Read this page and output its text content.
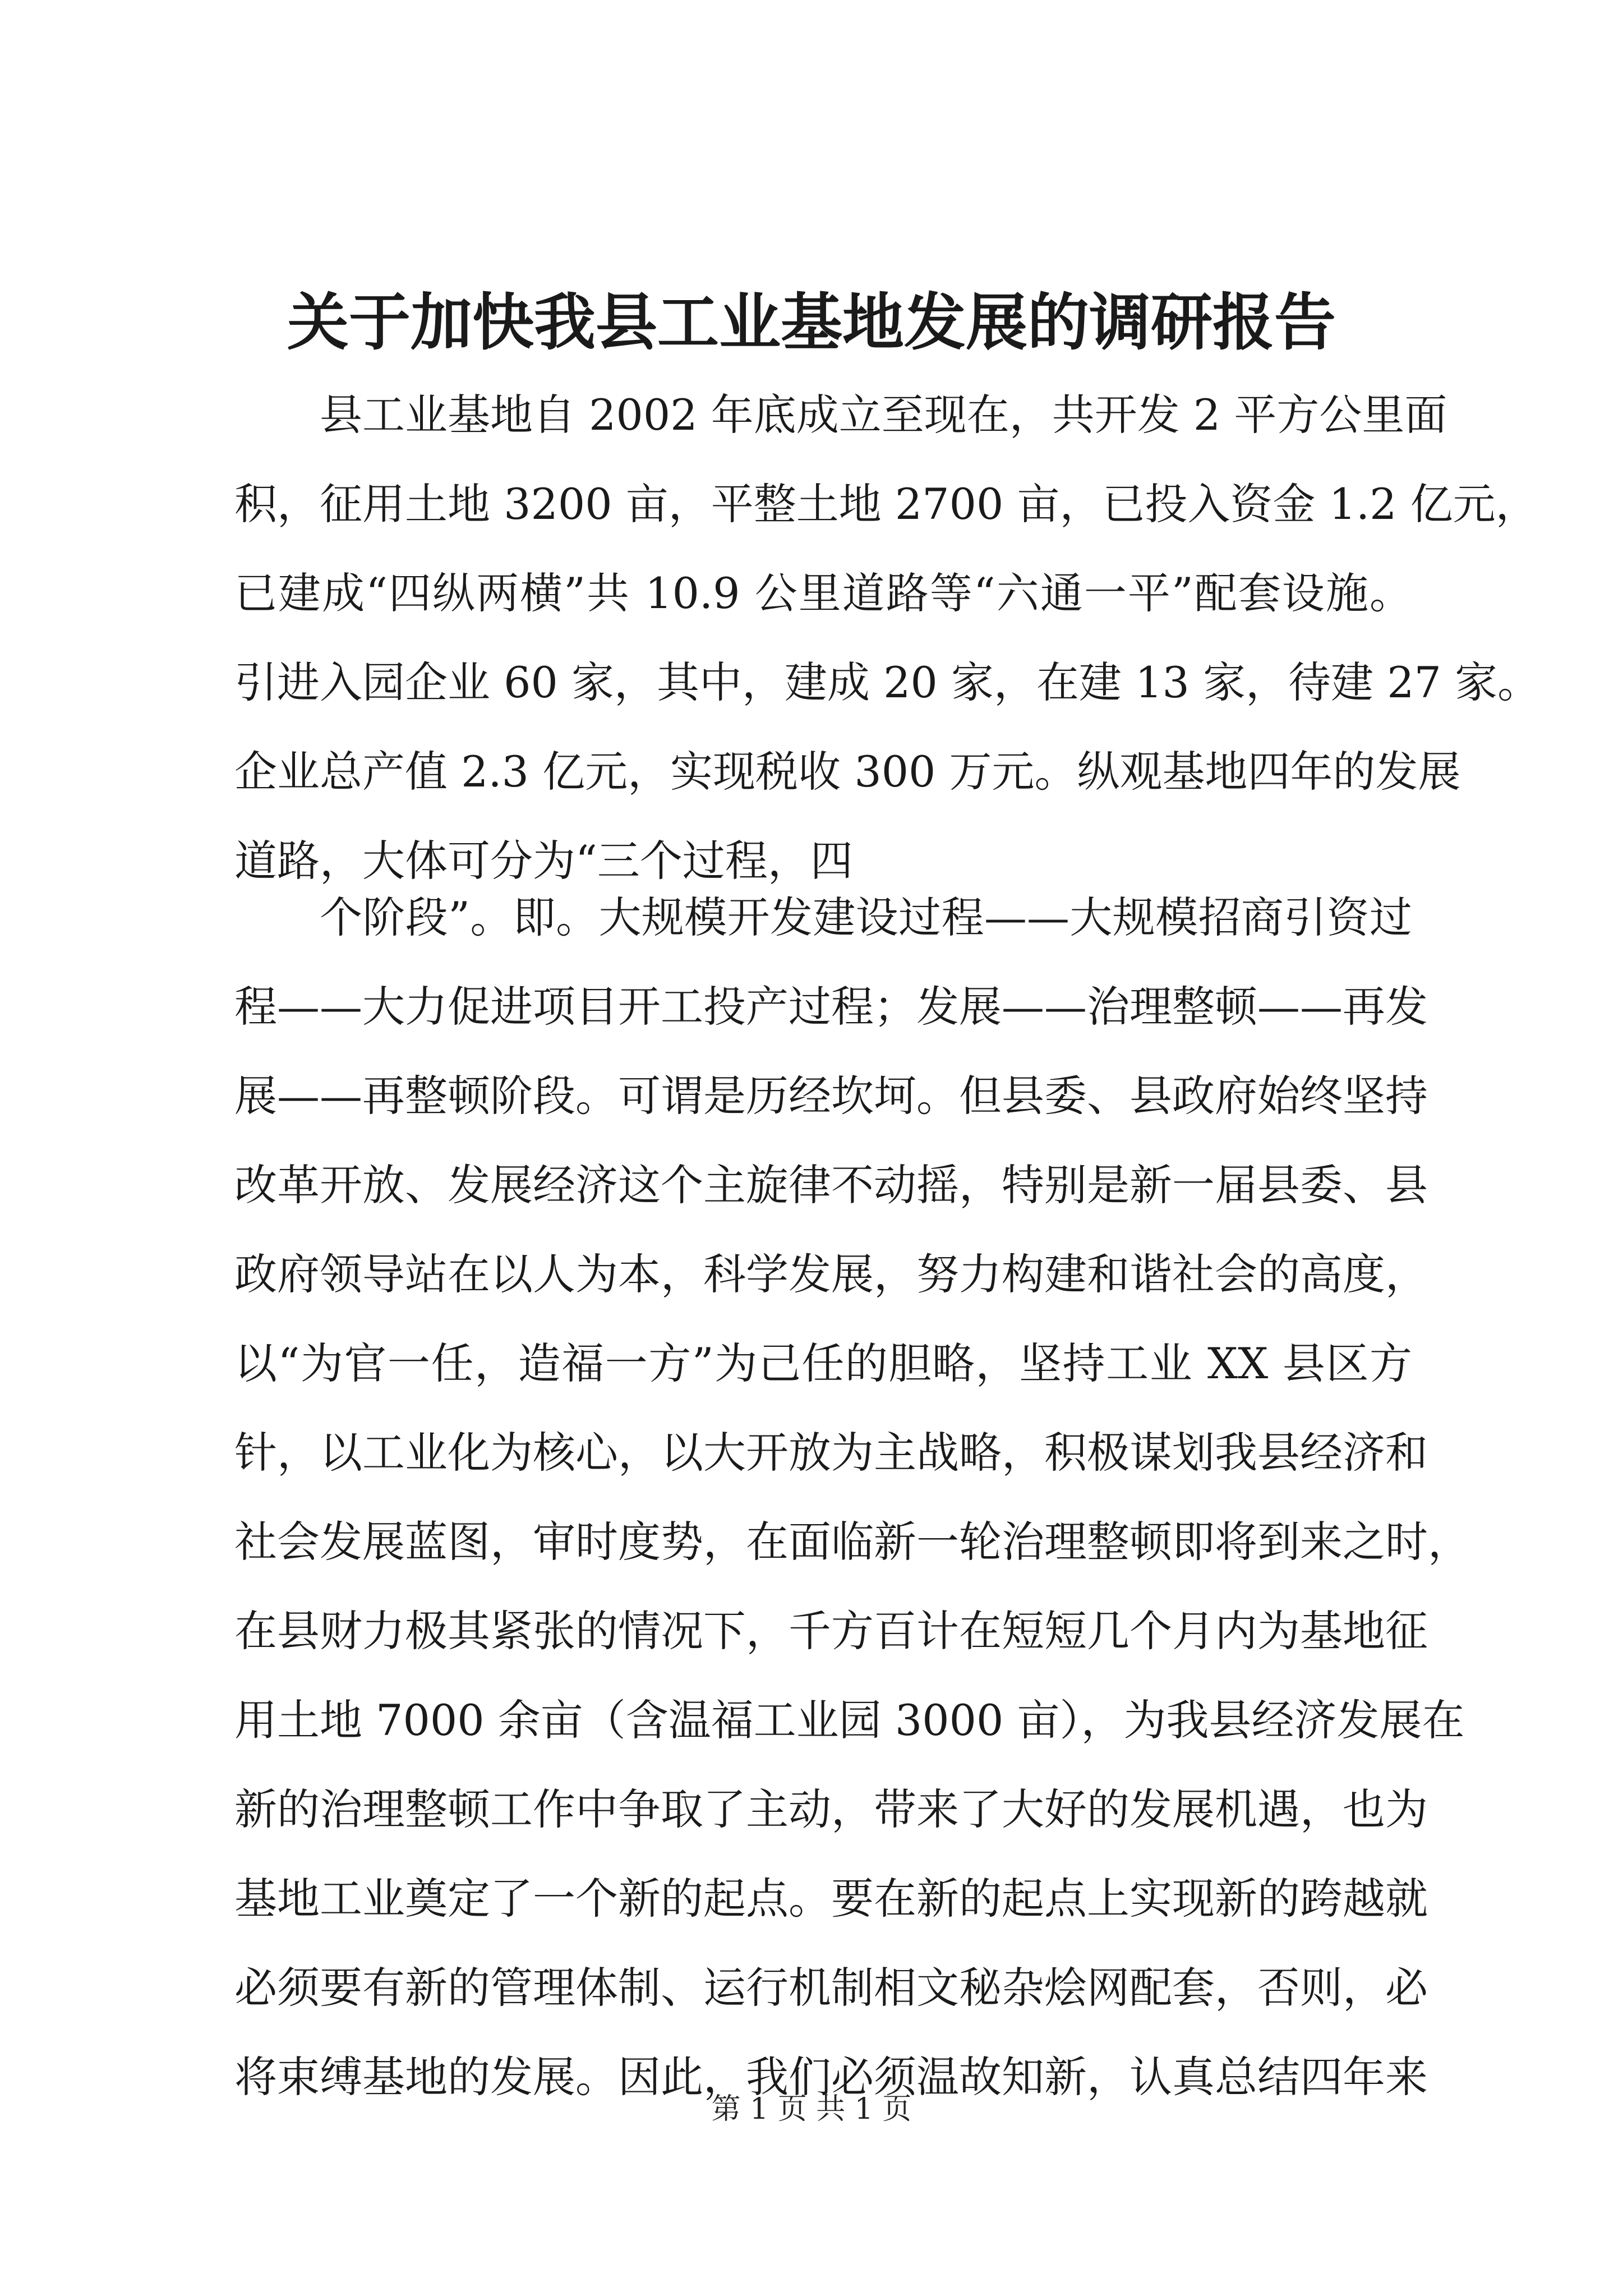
关于加快我县工业基地发展的调研报告
县工业基地自 2002 年底成立至现在，共开发 2 平方公里面
积，征用土地 3200 亩，平整土地 2700 亩，已投入资金 1.2 亿元，
已建成“四纵两横”共 10.9 公里道路等“六通一平”配套设施。
引进入园企业 60 家，其中，建成 20 家，在建 13 家，待建 27 家。
企业总产值 2.3 亿元，实现税收 300 万元。纵观基地四年的发展
道路，大体可分为“三个过程，四
个阶段”。即。大规模开发建设过程——大规模招商引资过
程——大力促进项目开工投产过程；发展——治理整顿——再发
展——再整顿阶段。可谓是历经坎坷。但县委、县政府始终坚持
改革开放、发展经济这个主旋律不动摇，特别是新一届县委、县
政府领导站在以人为本，科学发展，努力构建和谐社会的高度，
以“为官一任，造福一方”为己任的胆略，坚持工业 XX 县区方
针，以工业化为核心，以大开放为主战略，积极谋划我县经济和
社会发展蓝图，审时度势，在面临新一轮治理整顿即将到来之时，
在县财力极其紧张的情况下，千方百计在短短几个月内为基地征
用土地 7000 余亩（含温福工业园 3000 亩），为我县经济发展在
新的治理整顿工作中争取了主动，带来了大好的发展机遇，也为
基地工业奠定了一个新的起点。要在新的起点上实现新的跨越就
必须要有新的管理体制、运行机制相文秘杂烩网配套，否则，必
将束缚基地的发展。因此，我们必须温故知新，认真总结四年来
第 1 页 共 1 页
